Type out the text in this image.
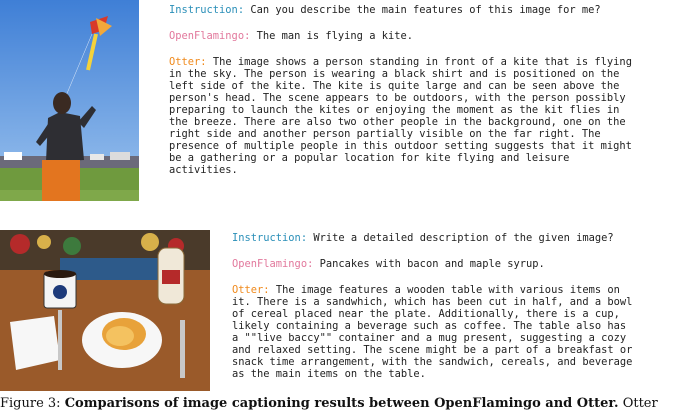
Instruction: Can you describe the main features of this image for me?
OpenFlamingo: The man is flying a kite.
Otter: The image shows a person standing in front of a kite that is flying in the sky. The person is wearing a black shirt and is positioned on the left side of the kite. The kite is quite large and can be seen above the person's head. The scene appears to be outdoors, with the person possibly preparing to launch the kites or enjoying the moment as the kit flies in the breeze. There are also two other people in the background, one on the right side and another person partially visible on the far right. The presence of multiple people in this outdoor setting suggests that it might be a gathering or a popular location for kite flying and leisure activities.
Instruction: Write a detailed description of the given image?
OpenFlamingo: Pancakes with bacon and maple syrup.
Otter: The image features a wooden table with various items on it. There is a sandwhich, which has been cut in half, and a bowl of cereal placed near the plate. Additionally, there is a cup, likely containing a beverage such as coffee. The table also has a ""live baccy"" container and a mug present, suggesting a cozy and relaxed setting. The scene might be a part of a breakfast or snack time arrangement, with the sandwich, cereals, and beverage as the main items on the table.
Figure 3: Comparisons of image captioning results between OpenFlamingo and Otter. Otter
